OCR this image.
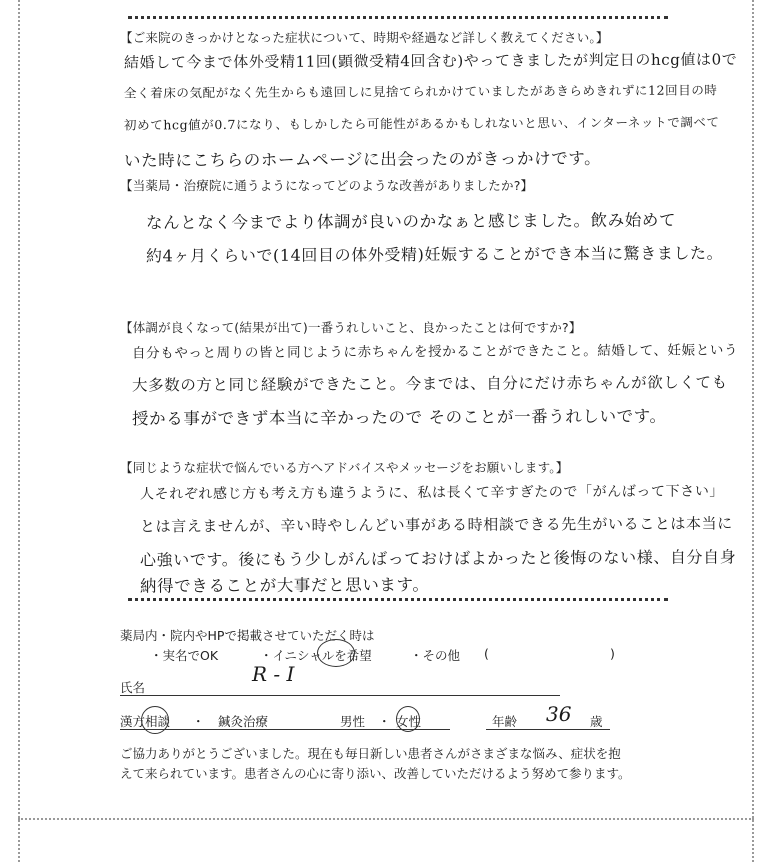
【ご来院のきっかけとなった症状について、時期や経過など詳しく教えてください。】
結婚して今まで体外受精11回(顕微受精4回含む)やってきましたが判定日のhcg値は0で
全く着床の気配がなく先生からも遠回しに見捨てられかけていましたがあきらめきれずに12回目の時
初めてhcg値が0.7になり、もしかしたら可能性があるかもしれないと思い、インターネットで調べて
いた時にこちらのホームページに出会ったのがきっかけです。
【当薬局・治療院に通うようになってどのような改善がありましたか?】
なんとなく今までより体調が良いのかなぁと感じました。飲み始めて
約4ヶ月くらいで(14回目の体外受精)妊娠することができ本当に驚きました。
【体調が良くなって(結果が出て)一番うれしいこと、良かったことは何ですか?】
自分もやっと周りの皆と同じように赤ちゃんを授かることができたこと。結婚して、妊娠という
大多数の方と同じ経験ができたこと。今までは、自分にだけ赤ちゃんが欲しくても
授かる事ができず本当に辛かったので そのことが一番うれしいです。
【同じような症状で悩んでいる方へアドバイスやメッセージをお願いします。】
人それぞれ感じ方も考え方も違うように、私は長くて辛すぎたので「がんばって下さい」
とは言えませんが、辛い時やしんどい事がある時相談できる先生がいることは本当に
心強いです。後にもう少しがんばっておけばよかったと後悔のない様、自分自身
納得できることが大事だと思います。
薬局内・院内やHPで掲載させていただく時は
・実名でOK	・イニシャルを希望	・その他 (	)
氏名
R - I
漢方相談 ・ 鍼灸治療	男性 ・ 女性	年齢 36 歳
ご協力ありがとうございました。現在も毎日新しい患者さんがさまざまな悩み、症状を抱
えて来られています。患者さんの心に寄り添い、改善していただけるよう努めて参ります。
